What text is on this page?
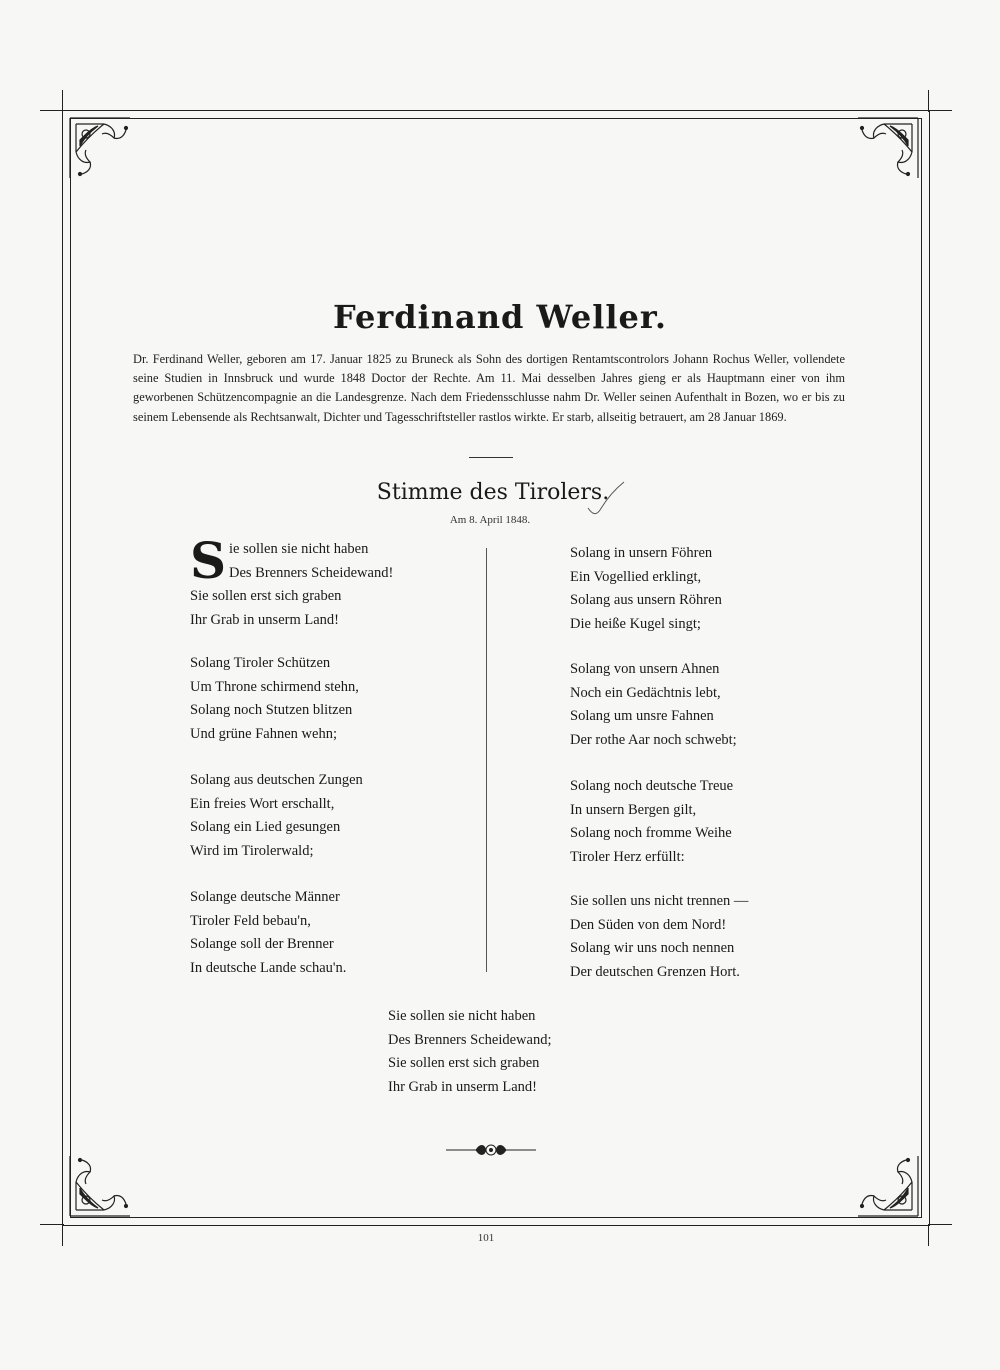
Ferdinand Weller.
Dr. Ferdinand Weller, geboren am 17. Januar 1825 zu Bruneck als Sohn des dortigen Rentamtscontrolors Johann Rochus Weller, vollendete seine Studien in Innsbruck und wurde 1848 Doctor der Rechte. Am 11. Mai desselben Jahres gieng er als Hauptmann einer von ihm geworbenen Schützencompagnie an die Landesgrenze. Nach dem Friedensschlusse nahm Dr. Weller seinen Aufenthalt in Bozen, wo er bis zu seinem Lebensende als Rechtsanwalt, Dichter und Tagesschriftsteller rastlos wirkte. Er starb, allseitig betrauert, am 28 Januar 1869.
Stimme des Tirolers.
Am 8. April 1848.
S ie sollen sie nicht haben
Des Brenners Scheidewand!
Sie sollen erst sich graben
Ihr Grab in unserm Land!
Solang Tiroler Schützen
Um Throne schirmend stehn,
Solang noch Stutzen blitzen
Und grüne Fahnen wehn;
Solang aus deutschen Zungen
Ein freies Wort erschallt,
Solang ein Lied gesungen
Wird im Tirolerwald;
Solange deutsche Männer
Tiroler Feld bebau'n,
Solange soll der Brenner
In deutsche Lande schau'n.
Solang in unsern Föhren
Ein Vogellied erklingt,
Solang aus unsern Röhren
Die heiße Kugel singt;
Solang von unsern Ahnen
Noch ein Gedächtnis lebt,
Solang um unsre Fahnen
Der rothe Aar noch schwebt;
Solang noch deutsche Treue
In unsern Bergen gilt,
Solang noch fromme Weihe
Tiroler Herz erfüllt:
Sie sollen uns nicht trennen —
Den Süden von dem Nord!
Solang wir uns noch nennen
Der deutschen Grenzen Hort.
Sie sollen sie nicht haben
Des Brenners Scheidewand;
Sie sollen erst sich graben
Ihr Grab in unserm Land!
101
